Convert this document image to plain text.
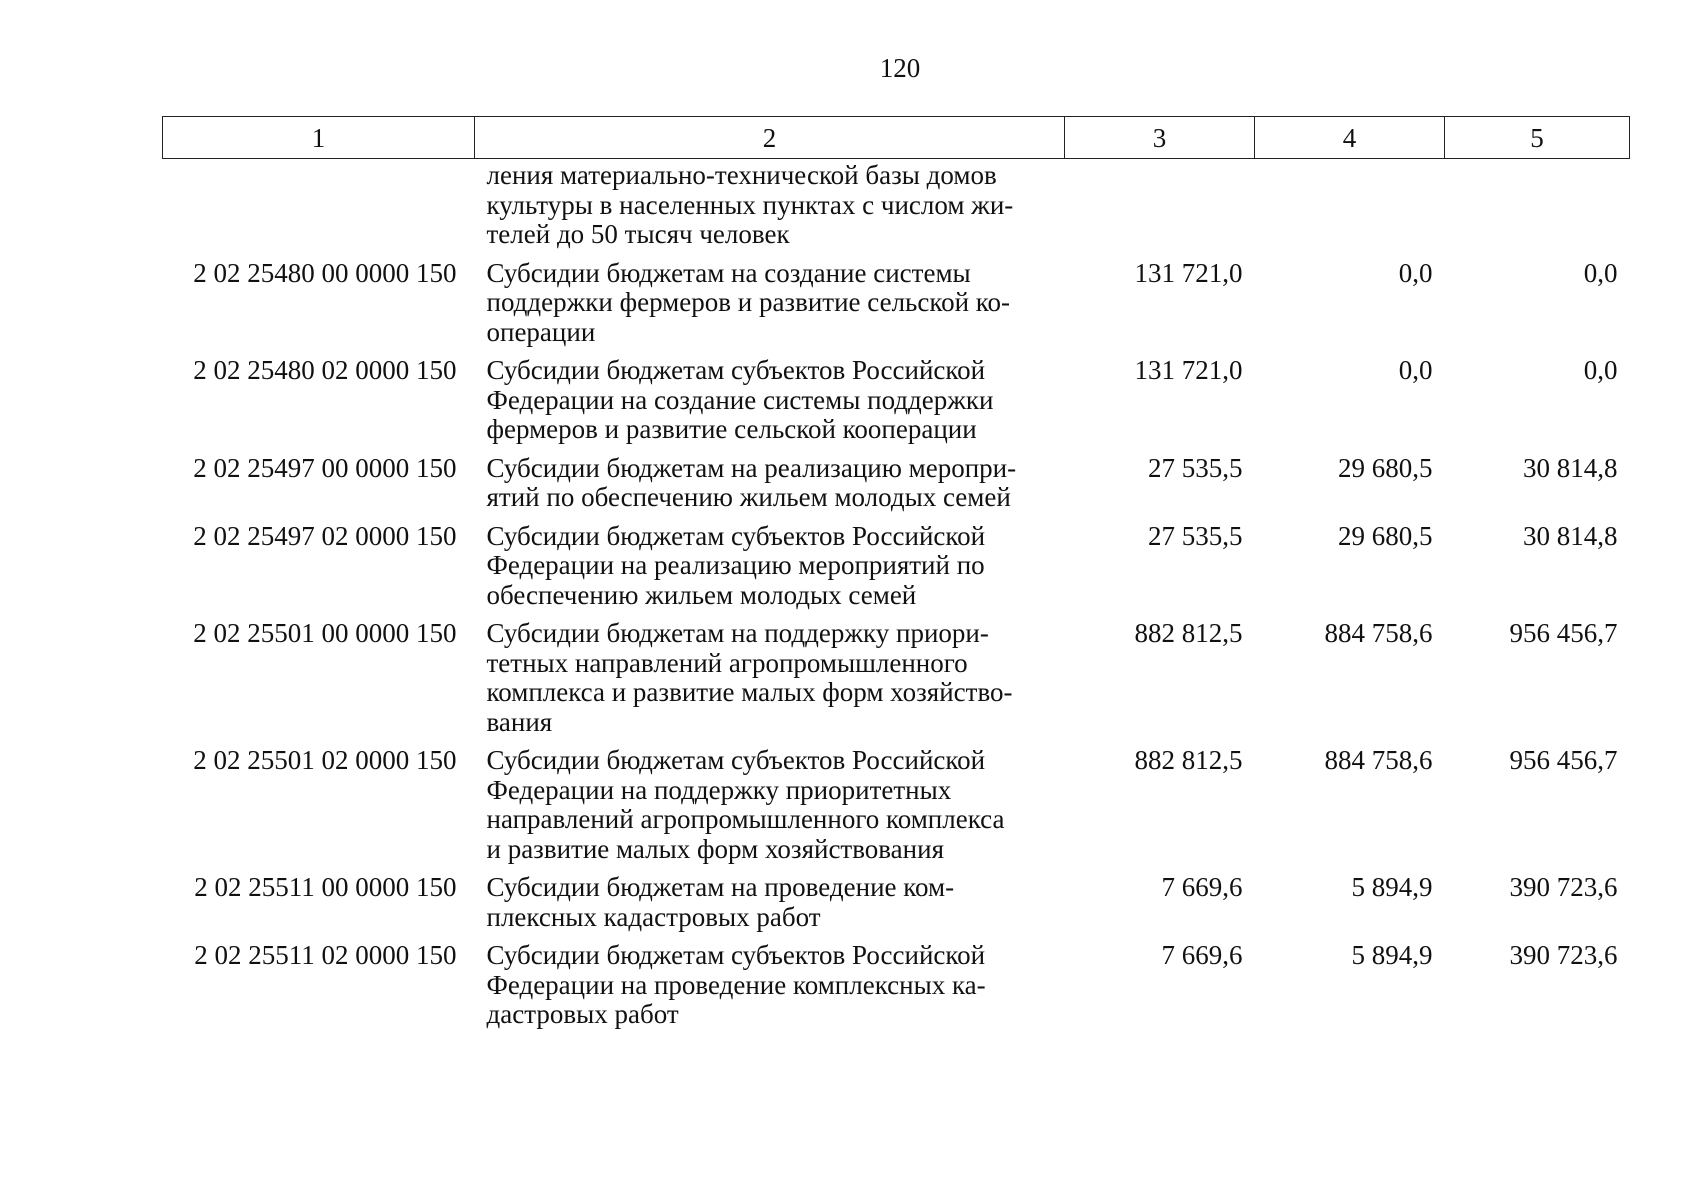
120
1	2	3	4	5

	ления материально-технической базы домов
культуры в населенных пунктах с числом жи-
телей до 50 тысяч человек			

2 02 25480 00 0000 150	Субсидии бюджетам на создание системы
поддержки фермеров и развитие сельской ко-
операции	131 721,0	0,0	0,0
2 02 25480 02 0000 150	Субсидии бюджетам субъектов Российской
Федерации на создание системы поддержки
фермеров и развитие сельской кооперации	131 721,0	0,0	0,0
2 02 25497 00 0000 150	Субсидии бюджетам на реализацию меропри-
ятий по обеспечению жильем молодых семей	27 535,5	29 680,5	30 814,8
2 02 25497 02 0000 150	Субсидии бюджетам субъектов Российской
Федерации на реализацию мероприятий по
обеспечению жильем молодых семей	27 535,5	29 680,5	30 814,8
2 02 25501 00 0000 150	Субсидии бюджетам на поддержку приори-
тетных направлений агропромышленного
комплекса и развитие малых форм хозяйство-
вания	882 812,5	884 758,6	956 456,7
2 02 25501 02 0000 150	Субсидии бюджетам субъектов Российской
Федерации на поддержку приоритетных
направлений агропромышленного комплекса
и развитие малых форм хозяйствования	882 812,5	884 758,6	956 456,7
2 02 25511 00 0000 150	Субсидии бюджетам на проведение ком-
плексных кадастровых работ	7 669,6	5 894,9	390 723,6
2 02 25511 02 0000 150	Субсидии бюджетам субъектов Российской
Федерации на проведение комплексных ка-
дастровых работ	7 669,6	5 894,9	390 723,6
